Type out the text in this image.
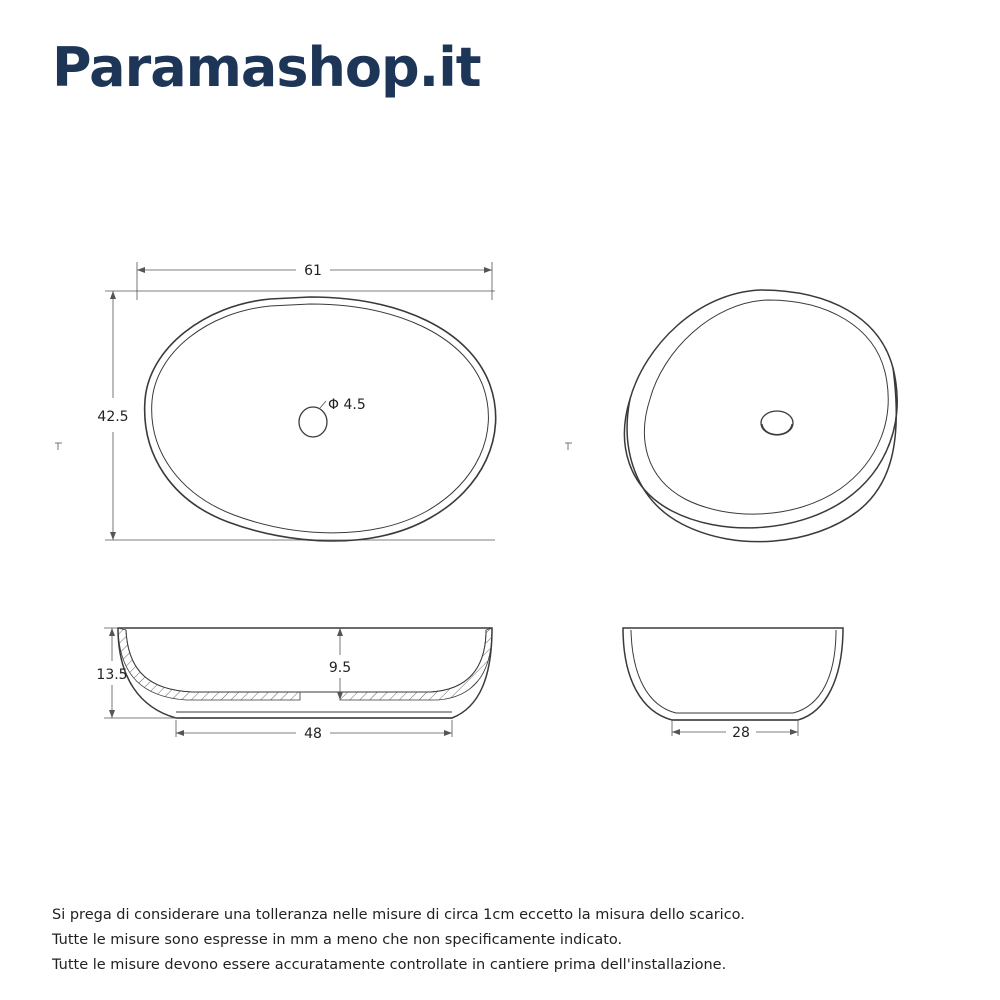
Paramashop.it
61
42.5
Φ 4.5
13.5	9.5
48	28
Si prega di considerare una tolleranza nelle misure di circa 1cm eccetto la misura dello scarico.
Tutte le misure sono espresse in mm a meno che non specificamente indicato.
Tutte le misure devono essere accuratamente controllate in cantiere prima dell'installazione.
